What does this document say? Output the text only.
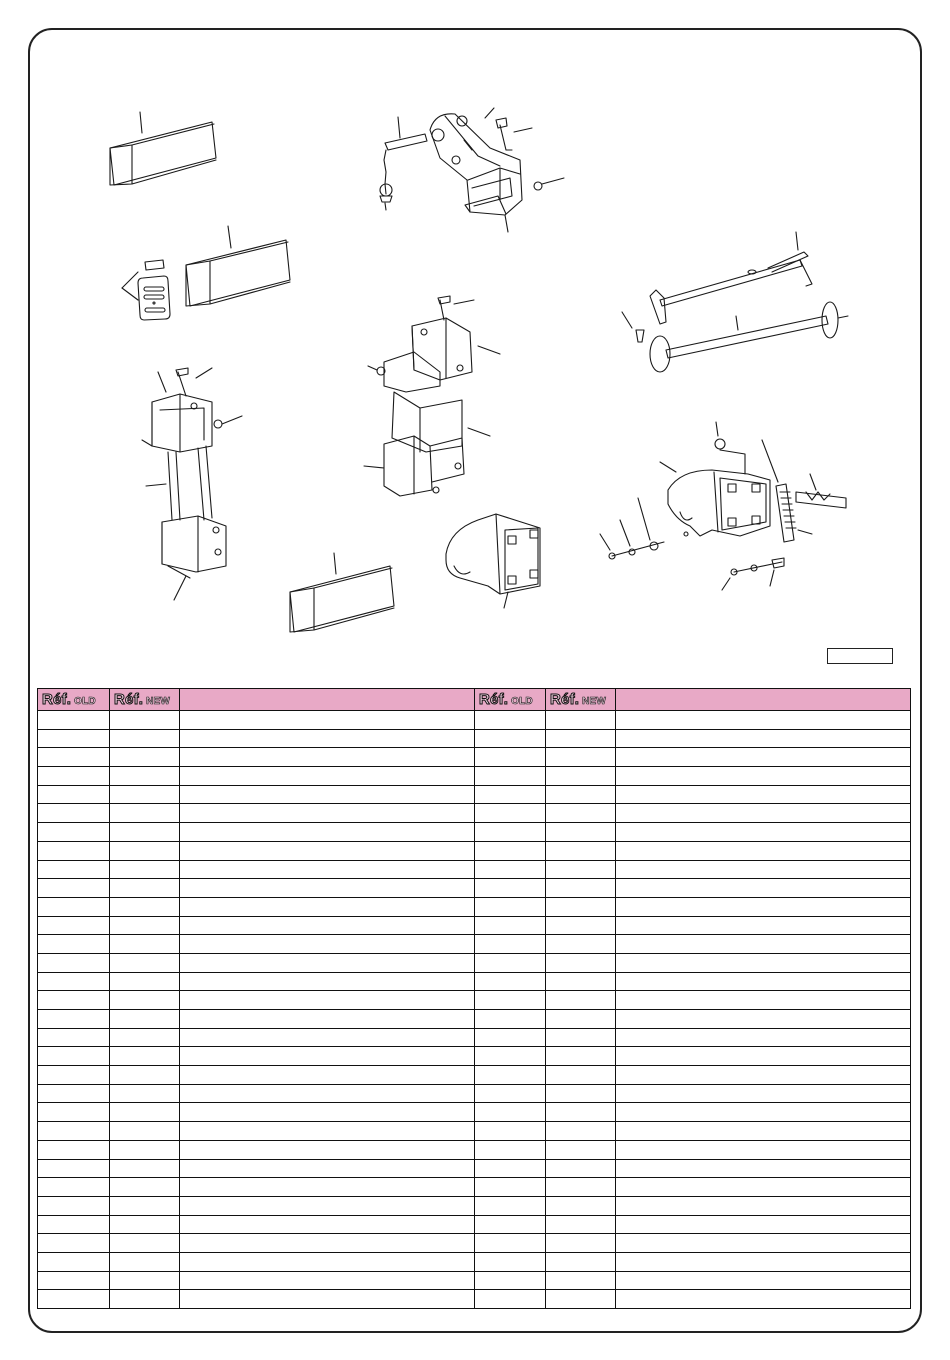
Réf. OLD	Réf. NEW		Réf. OLD	Réf. NEW	
